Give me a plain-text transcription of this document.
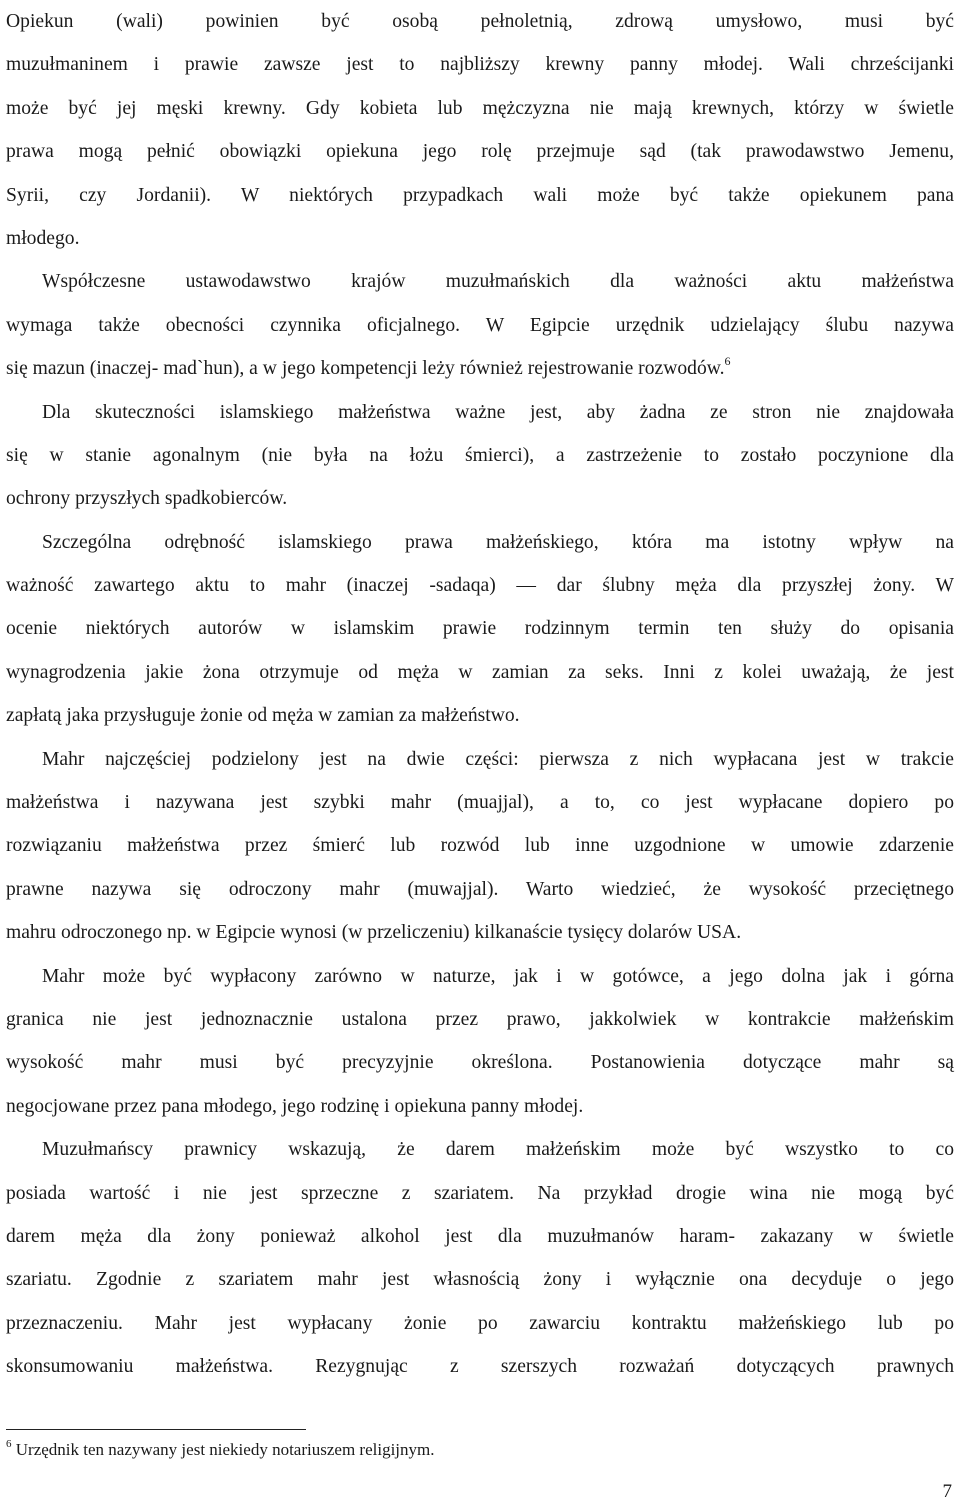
Opiekun (wali) powinien być osobą pełnoletnią, zdrową umysłowo, musi być
muzułmaninem i prawie zawsze jest to najbliższy krewny panny młodej. Wali chrześcijanki
może być jej męski krewny. Gdy kobieta lub mężczyzna nie mają krewnych, którzy w świetle
prawa mogą pełnić obowiązki opiekuna jego rolę przejmuje sąd (tak prawodawstwo Jemenu,
Syrii, czy Jordanii). W niektórych przypadkach wali może być także opiekunem pana
młodego.
Współczesne ustawodawstwo krajów muzułmańskich dla ważności aktu małżeństwa
wymaga także obecności czynnika oficjalnego. W Egipcie urzędnik udzielający ślubu nazywa
się mazun (inaczej- mad`hun), a w jego kompetencji leży również rejestrowanie rozwodów.$^6$
Dla skuteczności islamskiego małżeństwa ważne jest, aby żadna ze stron nie znajdowała
się w stanie agonalnym (nie była na łożu śmierci), a zastrzeżenie to zostało poczynione dla
ochrony przyszłych spadkobierców.
Szczególna odrębność islamskiego prawa małżeńskiego, która ma istotny wpływ na
ważność zawartego aktu to mahr (inaczej -sadaqa) — dar ślubny męża dla przyszłej żony. W
ocenie niektórych autorów w islamskim prawie rodzinnym termin ten służy do opisania
wynagrodzenia jakie żona otrzymuje od męża w zamian za seks. Inni z kolei uważają, że jest
zapłatą jaka przysługuje żonie od męża w zamian za małżeństwo.
Mahr najczęściej podzielony jest na dwie części: pierwsza z nich wypłacana jest w trakcie
małżeństwa i nazywana jest szybki mahr (muajjal), a to, co jest wypłacane dopiero po
rozwiązaniu małżeństwa przez śmierć lub rozwód lub inne uzgodnione w umowie zdarzenie
prawne nazywa się odroczony mahr (muwajjal). Warto wiedzieć, że wysokość przeciętnego
mahru odroczonego np. w Egipcie wynosi (w przeliczeniu) kilkanaście tysięcy dolarów USA.
Mahr może być wypłacony zarówno w naturze, jak i w gotówce, a jego dolna jak i górna
granica nie jest jednoznacznie ustalona przez prawo, jakkolwiek w kontrakcie małżeńskim
wysokość mahr musi być precyzyjnie określona. Postanowienia dotyczące mahr są
negocjowane przez pana młodego, jego rodzinę i opiekuna panny młodej.
Muzułmańscy prawnicy wskazują, że darem małżeńskim może być wszystko to co
posiada wartość i nie jest sprzeczne z szariatem. Na przykład drogie wina nie mogą być
darem męża dla żony ponieważ alkohol jest dla muzułmanów haram- zakazany w świetle
szariatu. Zgodnie z szariatem mahr jest własnością żony i wyłącznie ona decyduje o jego
przeznaczeniu. Mahr jest wypłacany żonie po zawarciu kontraktu małżeńskiego lub po
skonsumowaniu małżeństwa. Rezygnując z szerszych rozważań dotyczących prawnych
$^6$ Urzędnik ten nazywany jest niekiedy notariuszem religijnym.
7
